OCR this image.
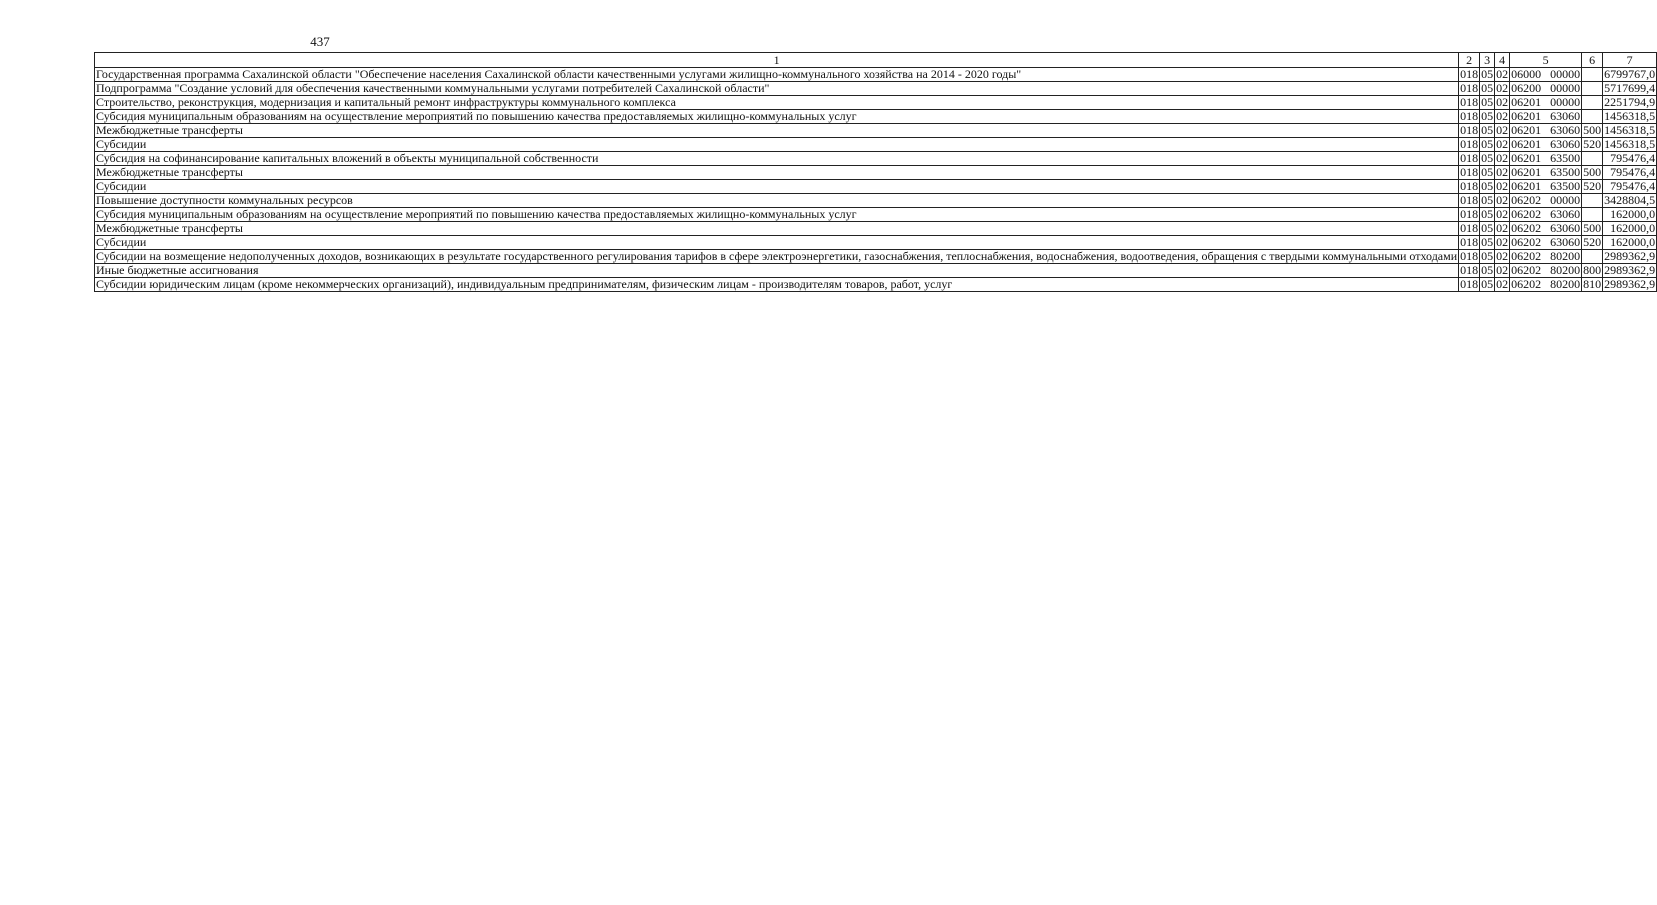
437
1	2	3	4	5	6	7
Государственная программа Сахалинской области "Обеспечение населения Сахалинской области качественными услугами жилищно-коммунального хозяйства на 2014 - 2020 годы"	018	05	02	06000 00000		6799767,0
Подпрограмма "Создание условий для обеспечения качественными коммунальными услугами потребителей Сахалинской области"	018	05	02	06200 00000		5717699,4
Строительство, реконструкция, модернизация и капитальный ремонт инфраструктуры коммунального комплекса	018	05	02	06201 00000		2251794,9
Субсидия муниципальным образованиям на осуществление мероприятий по повышению качества предоставляемых жилищно-коммунальных услуг	018	05	02	06201 63060		1456318,5
Межбюджетные трансферты	018	05	02	06201 63060	500	1456318,5
Субсидии	018	05	02	06201 63060	520	1456318,5
Субсидия на софинансирование капитальных вложений в объекты муниципальной собственности	018	05	02	06201 63500		795476,4
Межбюджетные трансферты	018	05	02	06201 63500	500	795476,4
Субсидии	018	05	02	06201 63500	520	795476,4
Повышение доступности коммунальных ресурсов	018	05	02	06202 00000		3428804,5
Субсидия муниципальным образованиям на осуществление мероприятий по повышению качества предоставляемых жилищно-коммунальных услуг	018	05	02	06202 63060		162000,0
Межбюджетные трансферты	018	05	02	06202 63060	500	162000,0
Субсидии	018	05	02	06202 63060	520	162000,0
Субсидии на возмещение недополученных доходов, возникающих в результате государственного регулирования тарифов в сфере электроэнергетики, газоснабжения, теплоснабжения, водоснабжения, водоотведения, обращения с твердыми коммунальными отходами	018	05	02	06202 80200		2989362,9
Иные бюджетные ассигнования	018	05	02	06202 80200	800	2989362,9
Субсидии юридическим лицам (кроме некоммерческих организаций), индивидуальным предпринимателям, физическим лицам - производителям товаров, работ, услуг	018	05	02	06202 80200	810	2989362,9
